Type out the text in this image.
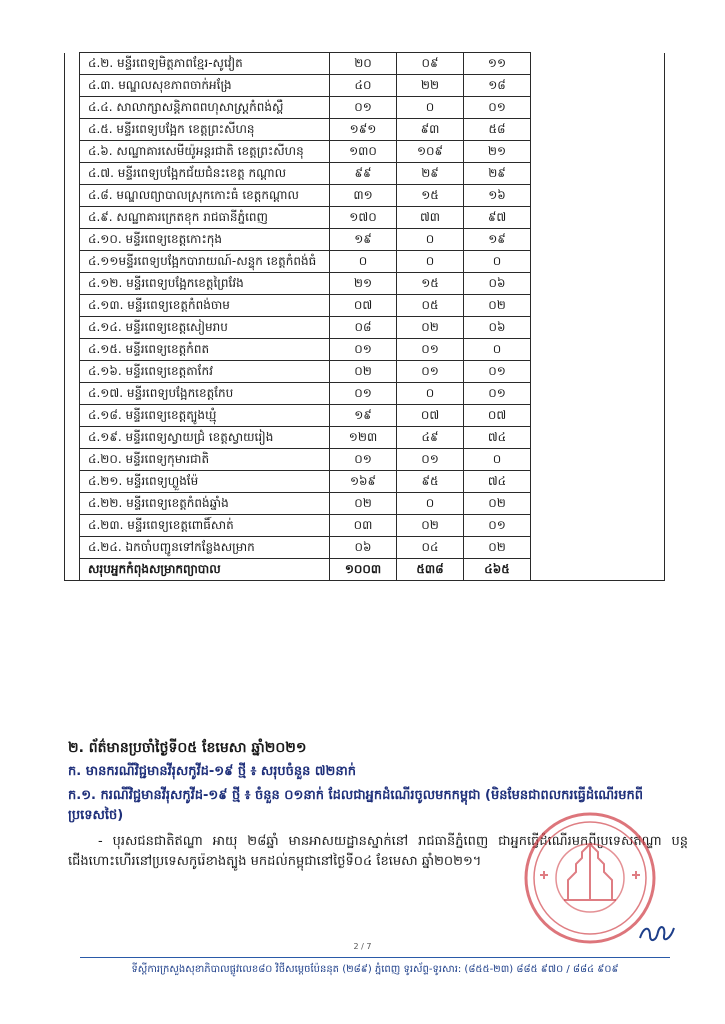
	៤.២. មន្ទីរពេទ្យមិត្តភាពខ្មែរ-សូវៀត	២០	០៩	១១	
	៤.៣. មណ្ឌលសុខភាពចាក់អង្រែ	៤០	២២	១៨	
	៤.៤. សាលាក្សាសន្តិភាពពហុសាស្ត្រកំពង់ស្ពឺ	០១	០	០១	
	៤.៥. មន្ទីរពេទ្យបង្អែក ខេត្តព្រះសីហនុ	១៩១	៩៣	៥៨	
	៤.៦. សណ្ឋាគារសេមីយ៉ូអន្តរជាតិ ខេត្តព្រះសីហនុ	១៣០	១០៩	២១	
	៤.៧. មន្ទីរពេទ្យបង្អែកជ័យជំនះខេត្ត កណ្តាល	៩៩	២៩	២៩	
	៤.៨. មណ្ឌលព្យាបាលស្រុកកោះធំ ខេត្តកណ្តាល	៣១	១៥	១៦	
	៤.៩. សណ្ឋាគារក្រេតខុក រាជធានីភ្នំពេញ	១៧០	៧៣	៩៧	
	៤.១០. មន្ទីរពេទ្យខេត្តកោះកុង	១៩	០	១៩	
	៤.១១មន្ទីរពេទ្យបង្អែកបារាយណ៍-សន្ទុក ខេត្តកំពង់ធំ	០	០	០	
	៤.១២. មន្ទីរពេទ្យបង្អែកខេត្តព្រៃវែង	២១	១៥	០៦	
	៤.១៣. មន្ទីរពេទ្យខេត្តកំពង់ចាម	០៧	០៥	០២	
	៤.១៤. មន្ទីរពេទ្យខេត្តសៀមរាប	០៨	០២	០៦	
	៤.១៥. មន្ទីរពេទ្យខេត្តកំពត	០១	០១	០	
	៤.១៦. មន្ទីរពេទ្យខេត្តតាកែវ	០២	០១	០១	
	៤.១៧. មន្ទីរពេទ្យបង្អែកខេត្តកែប	០១	០	០១	
	៤.១៨. មន្ទីរពេទ្យខេត្តត្បូងឃ្មុំ	១៩	០៧	០៧	
	៤.១៩. មន្ទីរពេទ្យស្វាយជ្រំ ខេត្តស្វាយរៀង	១២៣	៤៩	៧៤	
	៤.២០. មន្ទីរពេទ្យកុមារជាតិ	០១	០១	០	
	៤.២១. មន្ទីរពេទ្យហ្លួងម៉ែ	១៦៩	៩៥	៧៤	
	៤.២២. មន្ទីរពេទ្យខេត្តកំពង់ឆ្នាំង	០២	០	០២	
	៤.២៣. មន្ទីរពេទ្យខេត្តពោធិ៍សាត់	០៣	០២	០១	
	៤.២៤. ឯកចាំបញ្ជូនទៅកន្លែងសម្រាក	០៦	០៤	០២	
	សរុបអ្នកកំពុងសម្រាកព្យាបាល	១០០៣	៥៣៨	៤៦៥	
២. ព័ត៌មានប្រចាំថ្ងៃទី០៥ ខែមេសា ឆ្នាំ២០២១
ក. មានករណីវិជ្ជមានវីរុសកូវីដ-១៩ ថ្មី ៖ សរុបចំនួន ៧២នាក់
ក.១. ករណីវិជ្ជមានវីរុសកូវីដ-១៩ ថ្មី ៖ ចំនួន ០១នាក់ ដែលជាអ្នកដំណើរចូលមកកម្ពុជា (មិនមែនជាពលករធ្វើដំណើរមកពីប្រទេសថៃ)
- បុរសជនជាតិឥណ្ឌា អាយុ ២៨ឆ្នាំ មានអាសយដ្ឋានស្នាក់នៅ រាជធានីភ្នំពេញ ជាអ្នកធ្វើដំណើរមកពីប្រទេសឥណ្ឌា បន្តជើងហោះហើរនៅប្រទេសកូរ៉េខាងត្បូង មកដល់កម្ពុជានៅថ្ងៃទី០៤ ខែមេសា ឆ្នាំ២០២១។
2 / 7
ទីស្តីការក្រសួងសុខាភិបាលផ្លូវលេខ៨០ វិថីសម្តេចប៉ែននុត (២៨៩) ភ្នំពេញ ទូរស័ព្ទ-ទូរសារ: (៨៥៥-២៣) ៨៨៥ ៩៧០ / ៨៨៤ ៩០៩
